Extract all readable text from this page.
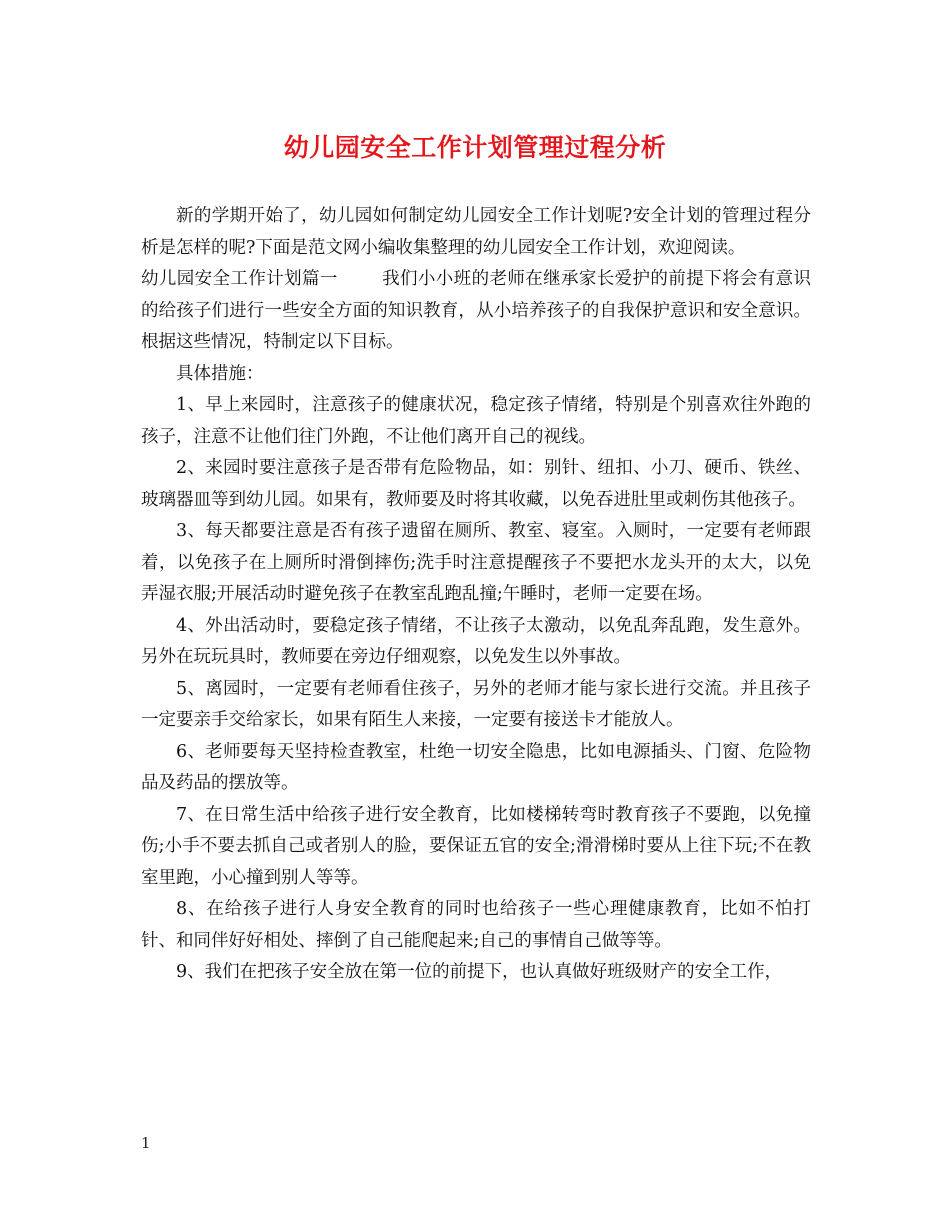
幼儿园安全工作计划管理过程分析

新的学期开始了，幼儿园如何制定幼儿园安全工作计划呢?安全计划的管理过程分析是怎样的呢?下面是范文网小编收集整理的幼儿园安全工作计划，欢迎阅读。

幼儿园安全工作计划篇一	我们小小班的老师在继承家长爱护的前提下将会有意识的给孩子们进行一些安全方面的知识教育，从小培养孩子的自我保护意识和安全意识。根据这些情况，特制定以下目标。

具体措施：

1、早上来园时，注意孩子的健康状况，稳定孩子情绪，特别是个别喜欢往外跑的孩子，注意不让他们往门外跑，不让他们离开自己的视线。

2、来园时要注意孩子是否带有危险物品，如：别针、纽扣、小刀、硬币、铁丝、玻璃器皿等到幼儿园。如果有，教师要及时将其收藏，以免吞进肚里或刺伤其他孩子。

3、每天都要注意是否有孩子遗留在厕所、教室、寝室。入厕时，一定要有老师跟着，以免孩子在上厕所时滑倒摔伤;洗手时注意提醒孩子不要把水龙头开的太大，以免弄湿衣服;开展活动时避免孩子在教室乱跑乱撞;午睡时，老师一定要在场。

4、外出活动时，要稳定孩子情绪，不让孩子太激动，以免乱奔乱跑，发生意外。另外在玩玩具时，教师要在旁边仔细观察，以免发生以外事故。

5、离园时，一定要有老师看住孩子，另外的老师才能与家长进行交流。并且孩子一定要亲手交给家长，如果有陌生人来接，一定要有接送卡才能放人。

6、老师要每天坚持检查教室，杜绝一切安全隐患，比如电源插头、门窗、危险物品及药品的摆放等。

7、在日常生活中给孩子进行安全教育，比如楼梯转弯时教育孩子不要跑，以免撞伤;小手不要去抓自己或者别人的脸，要保证五官的安全;滑滑梯时要从上往下玩;不在教室里跑，小心撞到别人等等。

8、在给孩子进行人身安全教育的同时也给孩子一些心理健康教育，比如不怕打针、和同伴好好相处、摔倒了自己能爬起来;自己的事情自己做等等。

9、我们在把孩子安全放在第一位的前提下，也认真做好班级财产的安全工作，

1
